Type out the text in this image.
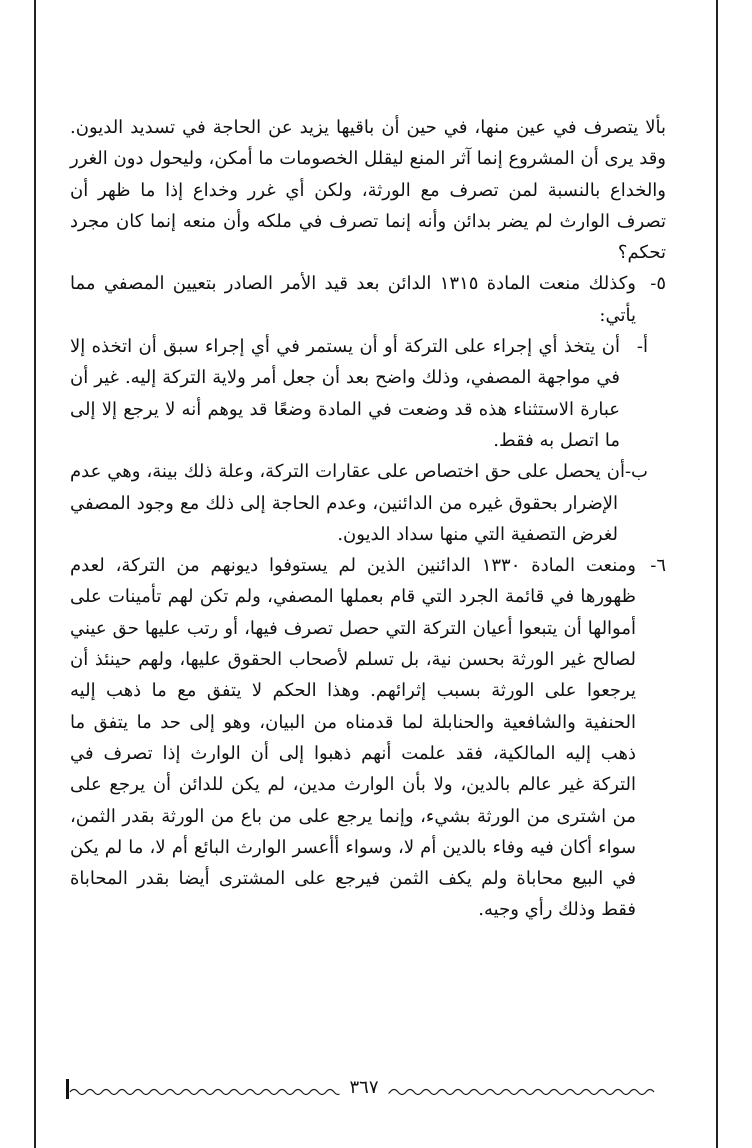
بألا يتصرف في عين منها، في حين أن باقيها يزيد عن الحاجة في تسديد الديون. وقد يرى أن المشروع إنما آثر المنع ليقلل الخصومات ما أمكن، وليحول دون الغرر والخداع بالنسبة لمن تصرف مع الورثة، ولكن أي غرر وخداع إذا ما ظهر أن تصرف الوارث لم يضر بدائن وأنه إنما تصرف في ملكه وأن منعه إنما كان مجرد تحكم؟

٥-
وكذلك منعت المادة ١٣١٥ الدائن بعد قيد الأمر الصادر بتعيين المصفي مما يأتي:
أ-
أن يتخذ أي إجراء على التركة أو أن يستمر في أي إجراء سبق أن اتخذه إلا في مواجهة المصفي، وذلك واضح بعد أن جعل أمر ولاية التركة إليه. غير أن عبارة الاستثناء هذه قد وضعت في المادة وضعًا قد يوهم أنه لا يرجع إلا إلى ما اتصل به فقط.
ب-أن يحصل على حق اختصاص على عقارات التركة، وعلة ذلك بينة، وهي عدم الإضرار بحقوق غيره من الدائنين، وعدم الحاجة إلى ذلك مع وجود المصفي لغرض التصفية التي منها سداد الديون.
٦-
ومنعت المادة ١٣٣٠ الدائنين الذين لم يستوفوا ديونهم من التركة، لعدم ظهورها في قائمة الجرد التي قام بعملها المصفي، ولم تكن لهم تأمينات على أموالها أن يتبعوا أعيان التركة التي حصل تصرف فيها، أو رتب عليها حق عيني لصالح غير الورثة بحسن نية، بل تسلم لأصحاب الحقوق عليها، ولهم حينئذ أن يرجعوا على الورثة بسبب إثرائهم. وهذا الحكم لا يتفق مع ما ذهب إليه الحنفية والشافعية والحنابلة لما قدمناه من البيان، وهو إلى حد ما يتفق ما ذهب إليه المالكية، فقد علمت أنهم ذهبوا إلى أن الوارث إذا تصرف في التركة غير عالم بالدين، ولا بأن الوارث مدين، لم يكن للدائن أن يرجع على من اشترى من الورثة بشيء، وإنما يرجع على من باع من الورثة بقدر الثمن، سواء أكان فيه وفاء بالدين أم لا، وسواء أأعسر الوارث البائع أم لا، ما لم يكن في البيع محاباة ولم يكف الثمن فيرجع على المشترى أيضا بقدر المحاباة فقط وذلك رأي وجيه.
٣٦٧
